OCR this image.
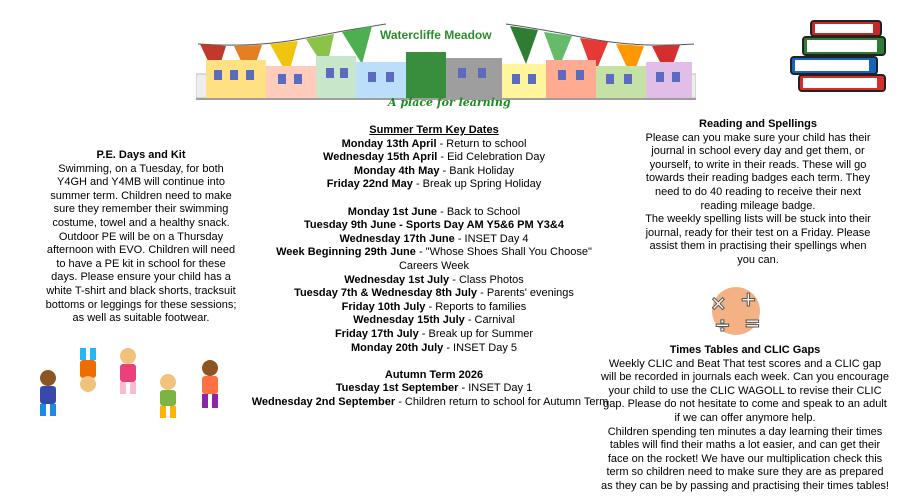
Watercliffe Meadow
A place for learning
P.E. Days and Kit
Swimming, on a Tuesday, for both
Y4GH and Y4MB will continue into
summer term. Children need to make
sure they remember their swimming
costume, towel and a healthy snack.
Outdoor PE will be on a Thursday
afternoon with EVO. Children will need
to have a PE kit in school for these
days. Please ensure your child has a
white T-shirt and black shorts, tracksuit
bottoms or leggings for these sessions;
as well as suitable footwear.
Summer Term Key Dates
Monday 13th April - Return to school
Wednesday 15th April - Eid Celebration Day
Monday 4th May - Bank Holiday
Friday 22nd May - Break up Spring Holiday
Monday 1st June - Back to School
Tuesday 9th June - Sports Day AM Y5&6 PM Y3&4
Wednesday 17th June - INSET Day 4
Week Beginning 29th June - "Whose Shoes Shall You Choose"
Careers Week
Wednesday 1st July - Class Photos
Tuesday 7th & Wednesday 8th July - Parents' evenings
Friday 10th July - Reports to families
Wednesday 15th July - Carnival
Friday 17th July - Break up for Summer
Monday 20th July - INSET Day 5
Autumn Term 2026
Tuesday 1st September - INSET Day 1
Wednesday 2nd September - Children return to school for Autumn Term
Reading and Spellings
Please can you make sure your child has their
journal in school every day and get them, or
yourself, to write in their reads. These will go
towards their reading badges each term. They
need to do 40 reading to receive their next
reading mileage badge.
The weekly spelling lists will be stuck into their
journal, ready for their test on a Friday. Please
assist them in practising their spellings when
you can.
× +
÷ =
Times Tables and CLIC Gaps
Weekly CLIC and Beat That test scores and a CLIC gap
will be recorded in journals each week. Can you encourage
your child to use the CLIC WAGOLL to revise their CLIC
gap. Please do not hesitate to come and speak to an adult
if we can offer anymore help.
Children spending ten minutes a day learning their times
tables will find their maths a lot easier, and can get their
face on the rocket! We have our multiplication check this
term so children need to make sure they are as prepared
as they can be by passing and practising their times tables!
